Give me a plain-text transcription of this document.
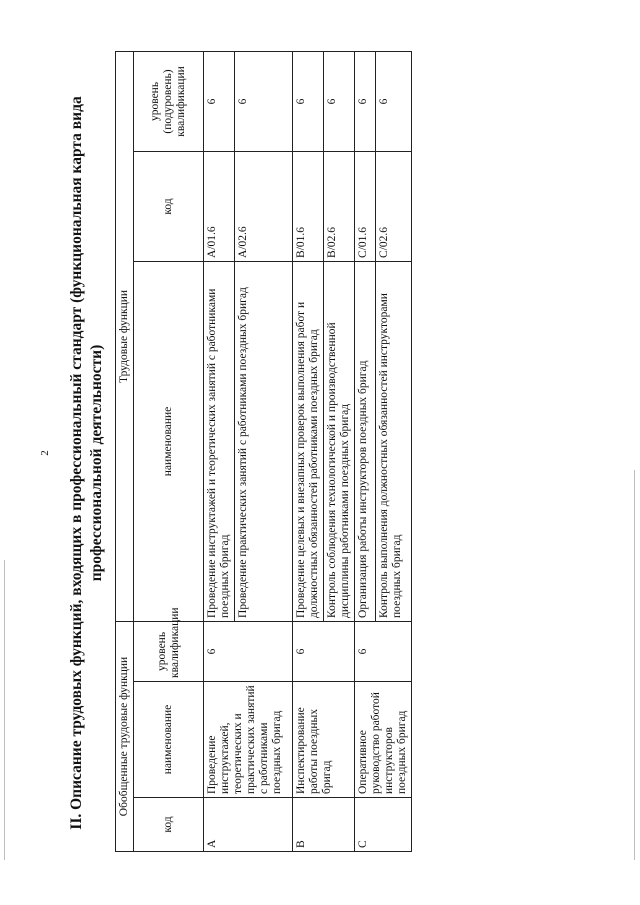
2 II. Описание трудовых функций, входящих в профессиональный стандарт (функциональная карта вида профессиональной деятельности)
Обобщенные трудовые функции			Трудовые функции		
код	наименование	уровень квалификации	наименование	код	уровень (подуровень) квалификации
A	Проведение инструктажей, теоретических и практических занятий с работниками поездных бригад	6	Проведение инструктажей и теоретических занятий с работниками поездных бригад	A/01.6	6
			Проведение практических занятий с работниками поездных бригад	A/02.6	6
B	Инспектирование работы поездных бригад	6	Проведение целевых и внезапных проверок выполнения работ и должностных обязанностей работниками поездных бригад	B/01.6	6
			Контроль соблюдения технологической и производственной дисциплины работниками поездных бригад	B/02.6	6
C	Оперативное руководство работой инструкторов поездных бригад	6	Организация работы инструкторов поездных бригад	C/01.6	6
			Контроль выполнения должностных обязанностей инструкторами поездных бригад	C/02.6	6
